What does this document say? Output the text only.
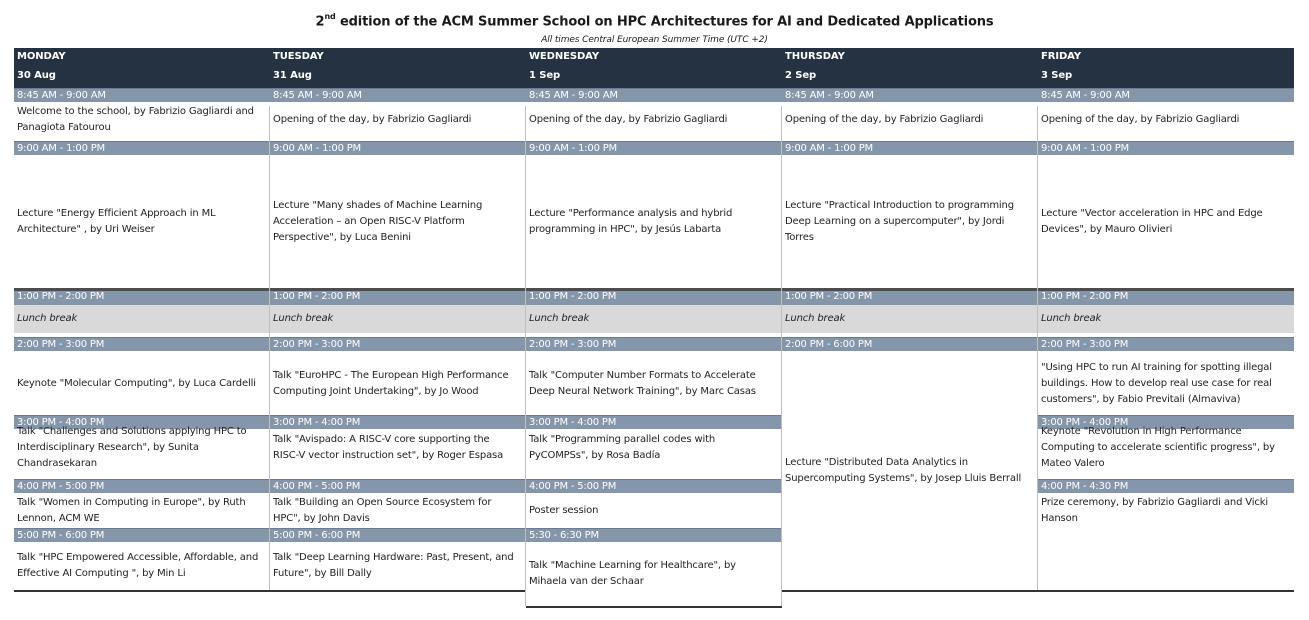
2nd edition of the ACM Summer School on HPC Architectures for AI and Dedicated Applications
All times Central European Summer Time (UTC +2)
MONDAY
30 Aug
8:45 AM - 9:00 AM
Welcome to the school, by Fabrizio Gagliardi and Panagiota Fatourou
9:00 AM - 1:00 PM
Lecture "Energy Efficient Approach in ML Architecture" , by Uri Weiser
1:00 PM - 2:00 PM
Lunch break
2:00 PM - 3:00 PM
Keynote "Molecular Computing", by Luca Cardelli
3:00 PM - 4:00 PM
Talk "Challenges and Solutions applying HPC to Interdisciplinary Research", by Sunita Chandrasekaran
4:00 PM - 5:00 PM
Talk "Women in Computing in Europe", by Ruth Lennon, ACM WE
5:00 PM - 6:00 PM
Talk "HPC Empowered Accessible, Affordable, and Effective AI Computing ", by Min Li
TUESDAY
31 Aug
8:45 AM - 9:00 AM
Opening of the day, by Fabrizio Gagliardi
9:00 AM - 1:00 PM
Lecture "Many shades of Machine Learning Acceleration – an Open RISC-V Platform Perspective", by Luca Benini
1:00 PM - 2:00 PM
Lunch break
2:00 PM - 3:00 PM
Talk "EuroHPC - The European High Performance Computing Joint Undertaking", by Jo Wood
3:00 PM - 4:00 PM
Talk "Avispado: A RISC-V core supporting the RISC-V vector instruction set", by Roger Espasa
4:00 PM - 5:00 PM
Talk "Building an Open Source Ecosystem for HPC", by John Davis
5:00 PM - 6:00 PM
Talk "Deep Learning Hardware: Past, Present, and Future", by Bill Dally
WEDNESDAY
1 Sep
8:45 AM - 9:00 AM
Opening of the day, by Fabrizio Gagliardi
9:00 AM - 1:00 PM
Lecture "Performance analysis and hybrid programming in HPC", by Jesús Labarta
1:00 PM - 2:00 PM
Lunch break
2:00 PM - 3:00 PM
Talk "Computer Number Formats to Accelerate Deep Neural Network Training", by Marc Casas
3:00 PM - 4:00 PM
Talk "Programming parallel codes with PyCOMPSs", by Rosa Badía
4:00 PM - 5:00 PM
Poster session
5:30 - 6:30 PM
Talk "Machine Learning for Healthcare", by Mihaela van der Schaar
THURSDAY
2 Sep
8:45 AM - 9:00 AM
Opening of the day, by Fabrizio Gagliardi
9:00 AM - 1:00 PM
Lecture "Practical Introduction to programming Deep Learning on a supercomputer", by Jordi Torres
1:00 PM - 2:00 PM
Lunch break
2:00 PM - 6:00 PM
Lecture "Distributed Data Analytics in Supercomputing Systems", by Josep Lluis Berrall
FRIDAY
3 Sep
8:45 AM - 9:00 AM
Opening of the day, by Fabrizio Gagliardi
9:00 AM - 1:00 PM
Lecture "Vector acceleration in HPC and Edge Devices", by Mauro Olivieri
1:00 PM - 2:00 PM
Lunch break
2:00 PM - 3:00 PM
"Using HPC to run AI training for spotting illegal buildings. How to develop real use case for real customers", by Fabio Previtali (Almaviva)
3:00 PM - 4:00 PM
Keynote "Revolution in High Performance Computing to accelerate scientific progress", by Mateo Valero
4:00 PM - 4:30 PM
Prize ceremony, by Fabrizio Gagliardi and Vicki Hanson
